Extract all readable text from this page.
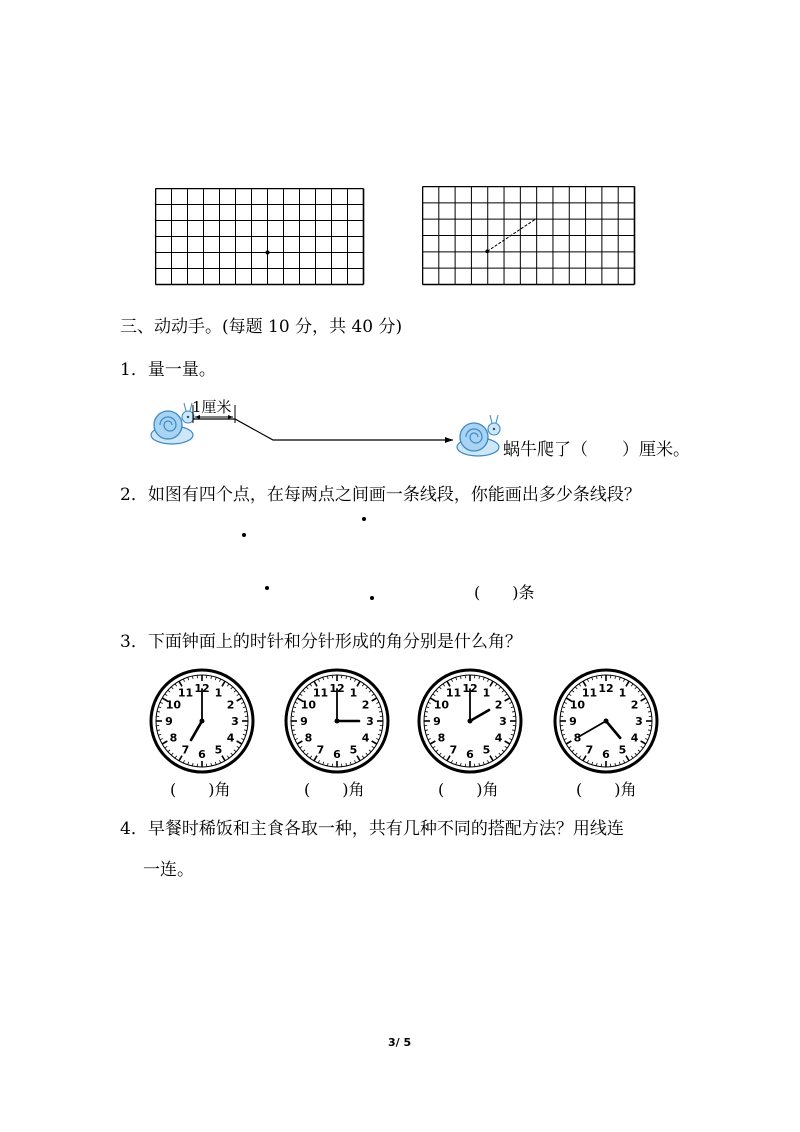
三、动动手。(每题 10 分，共 40 分)
1．量一量。
1厘米
蜗牛爬了（　　）厘米。
2．如图有四个点，在每两点之间画一条线段，你能画出多少条线段？
(　　)条
3．下面钟面上的时针和分针形成的角分别是什么角？
12 1
2
3
4
5
6
7
8
9
10
11	12 1
2
3
4
5
6
7
8
9
10
11	12 1
2
3
4
5
6
7
8
9
10
11	12 1
2
3
4
5
6
7
8
9
10
11
(　　)角	(　　)角	(　　)角	(　　)角
4．早餐时稀饭和主食各取一种，共有几种不同的搭配方法？用线连
一连。
3/ 5
